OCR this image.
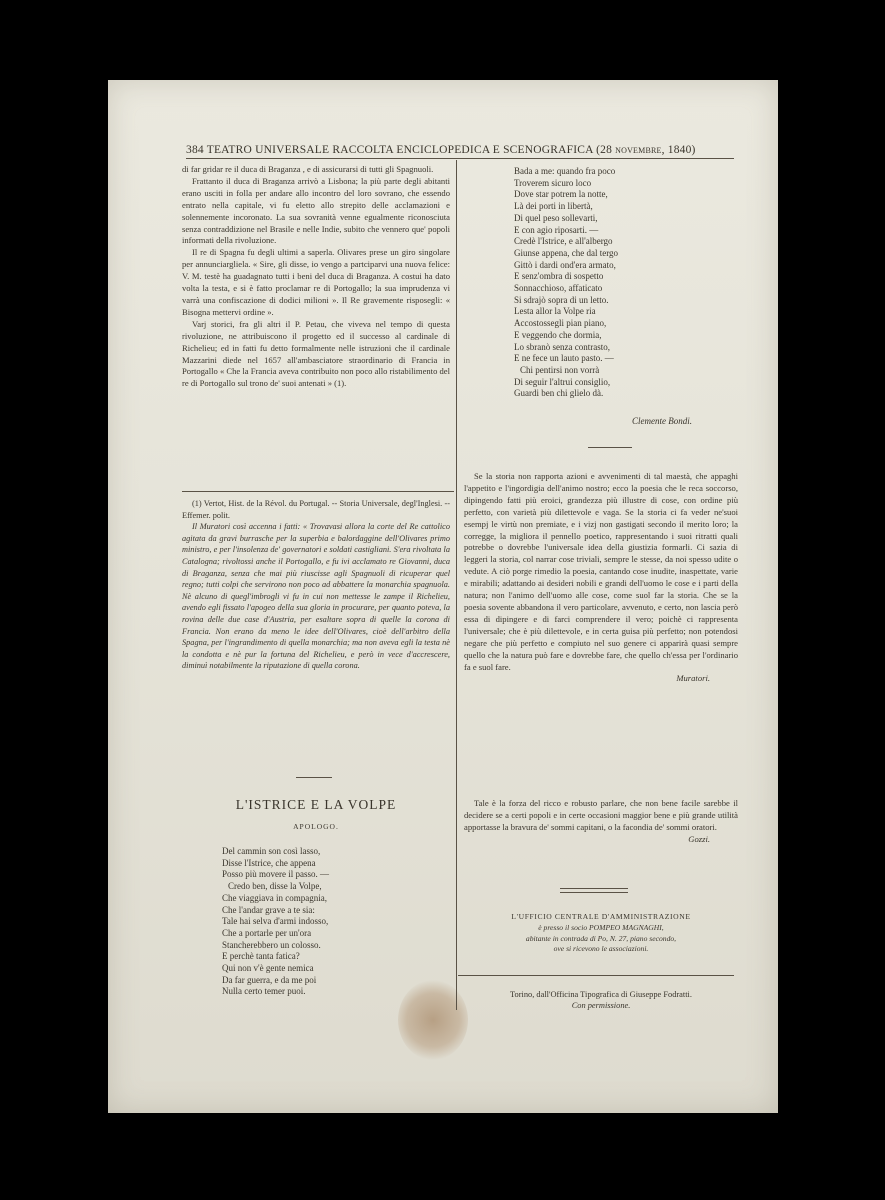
384 TEATRO UNIVERSALE RACCOLTA ENCICLOPEDICA E SCENOGRAFICA (28 NOVEMBRE, 1840)

di far gridar re il duca di Braganza , e di assicurarsi di tutti gli Spagnuoli.

Frattanto il duca di Braganza arrivò a Lisbona; la più parte degli abitanti erano usciti in folla per andare allo incontro del loro sovrano, che essendo entrato nella capitale, vi fu eletto allo strepito delle acclamazioni e solennemente incoronato. La sua sovranità venne egualmente riconosciuta senza contraddizione nel Brasile e nelle Indie, subito che vennero que' popoli informati della rivoluzione.

Il re di Spagna fu degli ultimi a saperla. Olivares prese un giro singolare per annunciargliela. « Sire, gli disse, io vengo a partciparvi una nuova felice: V. M. testè ha guadagnato tutti i beni del duca di Braganza. A costui ha dato volta la testa, e si è fatto proclamar re di Portogallo; la sua imprudenza vi varrà una confiscazione di dodici milioni ». Il Re gravemente risposegli: « Bisogna mettervi ordine ».

Varj storici, fra gli altri il P. Petau, che viveva nel tempo di questa rivoluzione, ne attribuiscono il progetto ed il successo al cardinale di Richelieu; ed in fatti fu detto formalmente nelle istruzioni che il cardinale Mazzarini diede nel 1657 all'ambasciatore straordinario di Francia in Portogallo « Che la Francia aveva contribuito non poco allo ristabilimento del re di Portogallo sul trono de' suoi antenati » (1).

(1) Vertot, Hist. de la Révol. du Portugal. -- Storia Universale, degl'Inglesi. -- Effemer. polit.

Il Muratori così accenna i fatti: « Trovavasi allora la corte del Re cattolico agitata da gravi burrasche per la superbia e balordaggine dell'Olivares primo ministro, e per l'insolenza de' governatori e soldati castigliani. S'era rivoltata la Catalogna; rivoltossi anche il Portogallo, e fu ivi acclamato re Giovanni, duca di Braganza, senza che mai più riuscisse agli Spagnuoli di ricuperar quel regno; tutti colpi che servirono non poco ad abbattere la monarchia spagnuola. Nè alcuno di quegl'imbrogli vi fu in cui non mettesse le zampe il Richelieu, avendo egli fissato l'apogeo della sua gloria in procurare, per quanto poteva, la rovina delle due case d'Austria, per esaltare sopra di quelle la corona di Francia. Non erano da meno le idee dell'Olivares, cioè dell'arbitro della Spagna, per l'ingrandimento di quella monarchia; ma non aveva egli la testa nè la condotta e nè pur la fortuna del Richelieu, e però in vece d'accrescere, diminuì notabilmente la riputazione di quella corona.

L'ISTRICE E LA VOLPE
APOLOGO.
Del cammin son così lasso,
Disse l'Istrice, che appena
Posso più movere il passo. —
Credo ben, disse la Volpe,
Che viaggiava in compagnia,
Che l'andar grave a te sia:
Tale hai selva d'armi indosso,
Che a portarle per un'ora
Stancherebbero un colosso.
E perchè tanta fatica?
Qui non v'è gente nemica
Da far guerra, e da me poi
Nulla certo temer puoi.
Bada a me: quando fra poco
Troverem sicuro loco
Dove star potrem la notte,
Là dei porti in libertà,
Di quel peso sollevarti,
E con agio riposarti. —
Credè l'Istrice, e all'albergo
Giunse appena, che dal tergo
Gittò i dardi ond'era armato,
E senz'ombra di sospetto
Sonnacchioso, affaticato
Si sdrajò sopra di un letto.
Lesta allor la Volpe ria
Accostossegli pian piano,
E veggendo che dormia,
Lo sbranò senza contrasto,
E ne fece un lauto pasto. —
Chi pentirsi non vorrà
Di seguir l'altrui consiglio,
Guardi ben chi glielo dà.
Clemente Bondi.

Se la storia non rapporta azioni e avvenimenti di tal maestà, che appaghi l'appetito e l'ingordigia dell'animo nostro; ecco la poesia che le reca soccorso, dipingendo fatti più eroici, grandezza più illustre di cose, con ordine più perfetto, con varietà più dilettevole e vaga. Se la storia ci fa veder ne'suoi esempj le virtù non premiate, e i vizj non gastigati secondo il merito loro; la corregge, la migliora il pennello poetico, rappresentando i suoi ritratti quali potrebbe o dovrebbe l'universale idea della giustizia formarli. Ci sazia di leggeri la storia, col narrar cose triviali, sempre le stesse, da noi spesso udite o vedute. A ciò porge rimedio la poesia, cantando cose inudite, inaspettate, varie e mirabili; adattando ai desideri nobili e grandi dell'uomo le cose e i parti della natura; non l'animo dell'uomo alle cose, come suol far la storia. Che se la poesia sovente abbandona il vero particolare, avvenuto, e certo, non lascia però essa di dipingere e di farci comprendere il vero; poichè ci rappresenta l'universale; che è più dilettevole, e in certa guisa più perfetto; non potendosi negare che più perfetto e compiuto nel suo genere ci apparirà quasi sempre quello che la natura può fare e dovrebbe fare, che quello ch'essa per l'ordinario fa e suol fare.

Muratori.

Tale è la forza del ricco e robusto parlare, che non bene facile sarebbe il decidere se a certi popoli e in certe occasioni maggior bene e più grande utilità apportasse la bravura de' sommi capitani, o la facondia de' sommi oratori.

Gozzi.

L'UFFICIO CENTRALE D'AMMINISTRAZIONE
è presso il socio POMPEO MAGNAGHI,
abitante in contrada di Po, N. 27, piano secondo,
ove si ricevono le associazioni.
Torino, dall'Officina Tipografica di Giuseppe Fodratti.
Con permissione.
